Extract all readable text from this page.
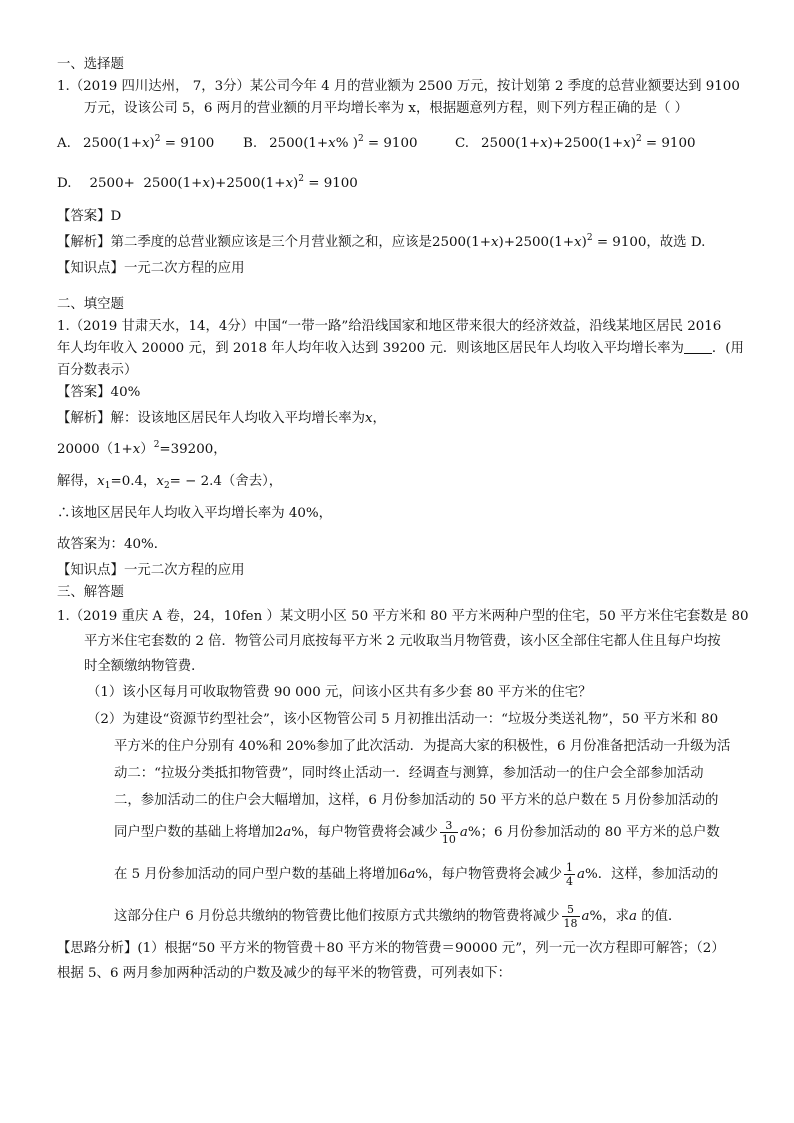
一、选择题
1.（2019 四川达州， 7，3分）某公司今年 4 月的营业额为 2500 万元，按计划第 2 季度的总营业额要达到 9100
万元，设该公司 5，6 两月的营业额的月平均增长率为 x，根据题意列方程，则下列方程正确的是（ ）
A. $2500(1+x)^2 = 9100$	B. 2500(1+x% )$^2$ = 9100	C. $2500(1+x)+2500(1+x)^2 = 9100$
D. $2500+ 2500(1+x)+2500(1+x)^2 = 9100$
【答案】D
【解析】第二季度的总营业额应该是三个月营业额之和，应该是$2500(1+x)+2500(1+x)^2 = 9100$，故选 D.
【知识点】一元二次方程的应用
二、填空题
1.（2019 甘肃天水，14，4分）中国“一带一路”给沿线国家和地区带来很大的经济效益，沿线某地区居民 2016
年人均年收入 20000 元，到 2018 年人均年收入达到 39200 元．则该地区居民年人均收入平均增长率为 ．(用
百分数表示）
【答案】40%
【解析】解：设该地区居民年人均收入平均增长率为x，
$20000(1+x)^2=39200$，
解得，$x_1=0.4$，$x_2= - 2.4$（舍去），
∴该地区居民年人均收入平均增长率为 40%，
故答案为：40%．
【知识点】一元二次方程的应用
三、解答题
1.（2019 重庆 A 卷，24，10fen ）某文明小区 50 平方米和 80 平方米两种户型的住宅，50 平方米住宅套数是 80
平方米住宅套数的 2 倍．物管公司月底按每平方米 2 元收取当月物管费，该小区全部住宅都人住且每户均按
时全额缴纳物管费．
（1）该小区每月可收取物管费 90 000 元，问该小区共有多少套 80 平方米的住宅？
（2）为建设“资源节约型社会”，该小区物管公司 5 月初推出活动一：“垃圾分类送礼物”，50 平方米和 80
平方米的住户分别有 40%和 20%参加了此次活动．为提高大家的积极性，6 月份准备把活动一升级为活
动二：“拉圾分类抵扣物管费”，同时终止活动一．经调查与测算，参加活动一的住户会全部参加活动
二，参加活动二的住户会大幅增加，这样，6 月份参加活动的 50 平方米的总户数在 5 月份参加活动的
同户型户数的基础上将增加2a%，每户物管费将会减少 $\frac{3}{10} a\%$；6 月份参加活动的 80 平方米的总户数
在 5 月份参加活动的同户型户数的基础上将增加6a%，每户物管费将会减少 $\frac{1}{4} a\%$．这样，参加活动的
这部分住户 6 月份总共缴纳的物管费比他们按原方式共缴纳的物管费将减少 $\frac{5}{18} a\%$，求a 的值．
【思路分析】(1）根据“50 平方米的物管费＋80 平方米的物管费＝90000 元”，列一元一次方程即可解答；（2）
根据 5、6 两月参加两种活动的户数及减少的每平米的物管费，可列表如下：
